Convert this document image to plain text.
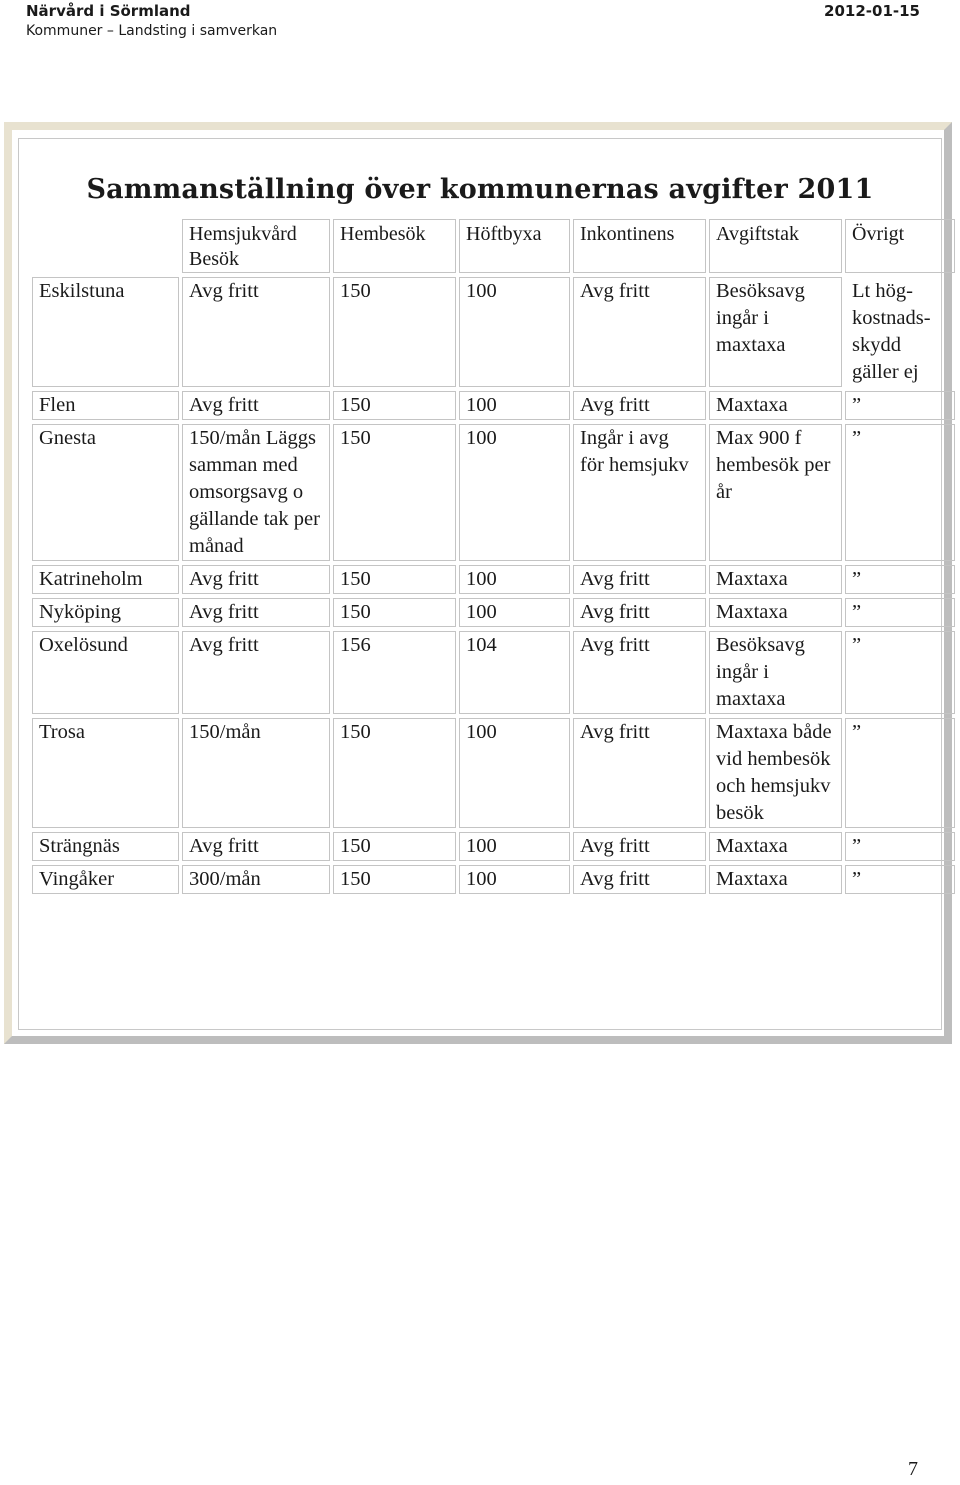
Närvård i Sörmland
Kommuner – Landsting i samverkan
2012-01-15
Sammanställning över kommunernas avgifter 2011
	Hemsjukvård Besök	Hembesök	Höftbyxa	Inkontinens	Avgiftstak	Övrigt
Eskilstuna	Avg fritt	150	100	Avg fritt	Besöksavg ingår i maxtaxa	Lt hög-kostnads-skydd gäller ej
Flen	Avg fritt	150	100	Avg fritt	Maxtaxa	”
Gnesta	150/mån Läggs samman med omsorgsavg o gällande tak per månad	150	100	Ingår i avg för hemsjukv	Max 900 f hembesök per år	”
Katrineholm	Avg fritt	150	100	Avg fritt	Maxtaxa	”
Nyköping	Avg fritt	150	100	Avg fritt	Maxtaxa	”
Oxelösund	Avg fritt	156	104	Avg fritt	Besöksavg ingår i maxtaxa	”
Trosa	150/mån	150	100	Avg fritt	Maxtaxa både vid hembesök och hemsjukv besök	”
Strängnäs	Avg fritt	150	100	Avg fritt	Maxtaxa	”
Vingåker	300/mån	150	100	Avg fritt	Maxtaxa	”
7
